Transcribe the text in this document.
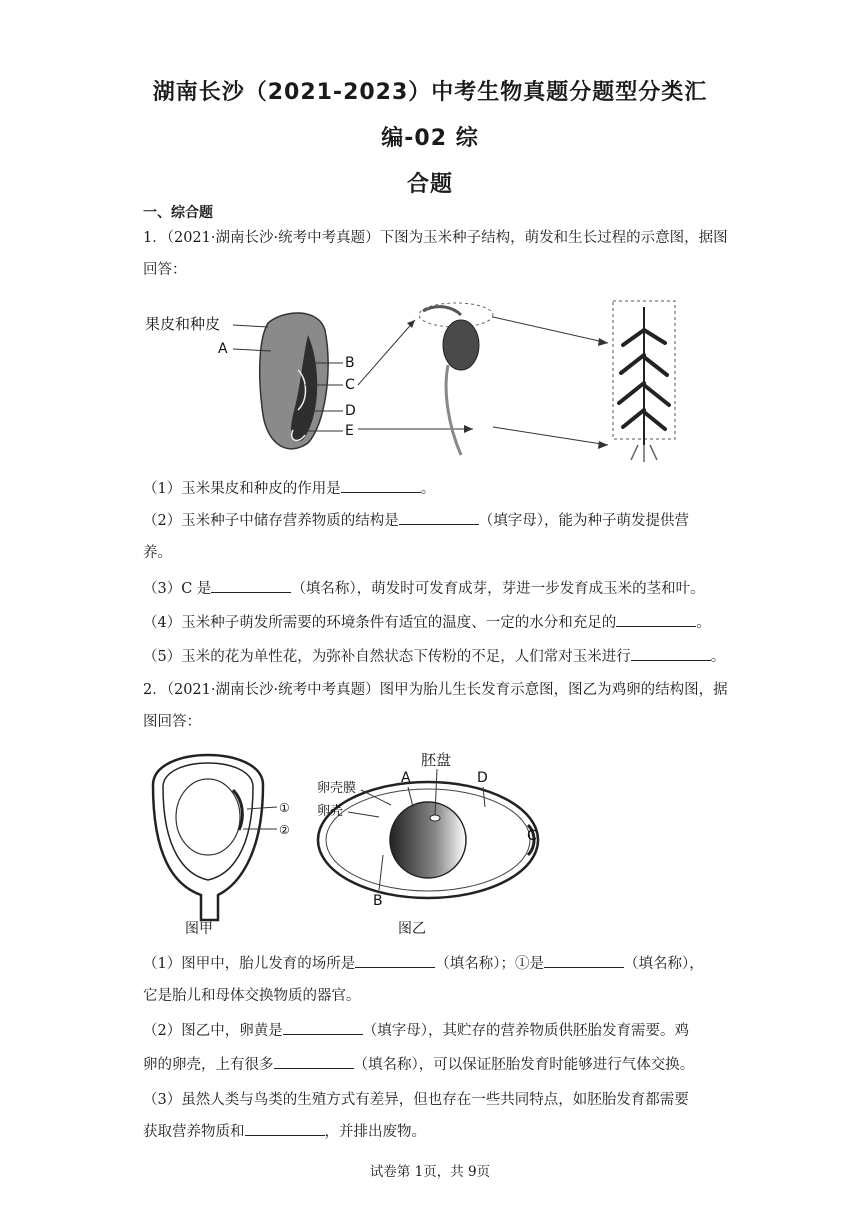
湖南长沙（2021-2023）中考生物真题分题型分类汇编-02 综
合题
一、综合题
1．（2021·湖南长沙·统考中考真题）下图为玉米种子结构，萌发和生长过程的示意图，据图回答：
果皮和种皮
A
B
C
D
E
（1）玉米果皮和种皮的作用是	。
（2）玉米种子中储存营养物质的结构是	（填字母），能为种子萌发提供营
养。
（3）C 是	（填名称），萌发时可发育成芽，芽进一步发育成玉米的茎和叶。
（4）玉米种子萌发所需要的环境条件有适宜的温度、一定的水分和充足的	。
（5）玉米的花为单性花，为弥补自然状态下传粉的不足，人们常对玉米进行	。
2．（2021·湖南长沙·统考中考真题）图甲为胎儿生长发育示意图，图乙为鸡卵的结构图，据图回答：
①
②
图甲
胚盘
A	D
卵壳膜
卵壳
C
B
图乙
（1）图甲中，胎儿发育的场所是	（填名称）；①是	（填名称），
它是胎儿和母体交换物质的器官。
（2）图乙中，卵黄是	（填字母），其贮存的营养物质供胚胎发育需要。鸡
卵的卵壳，上有很多	（填名称），可以保证胚胎发育时能够进行气体交换。
（3）虽然人类与鸟类的生殖方式有差异，但也存在一些共同特点，如胚胎发育都需要
获取营养物质和	，并排出废物。
试卷第 1页，共 9页
